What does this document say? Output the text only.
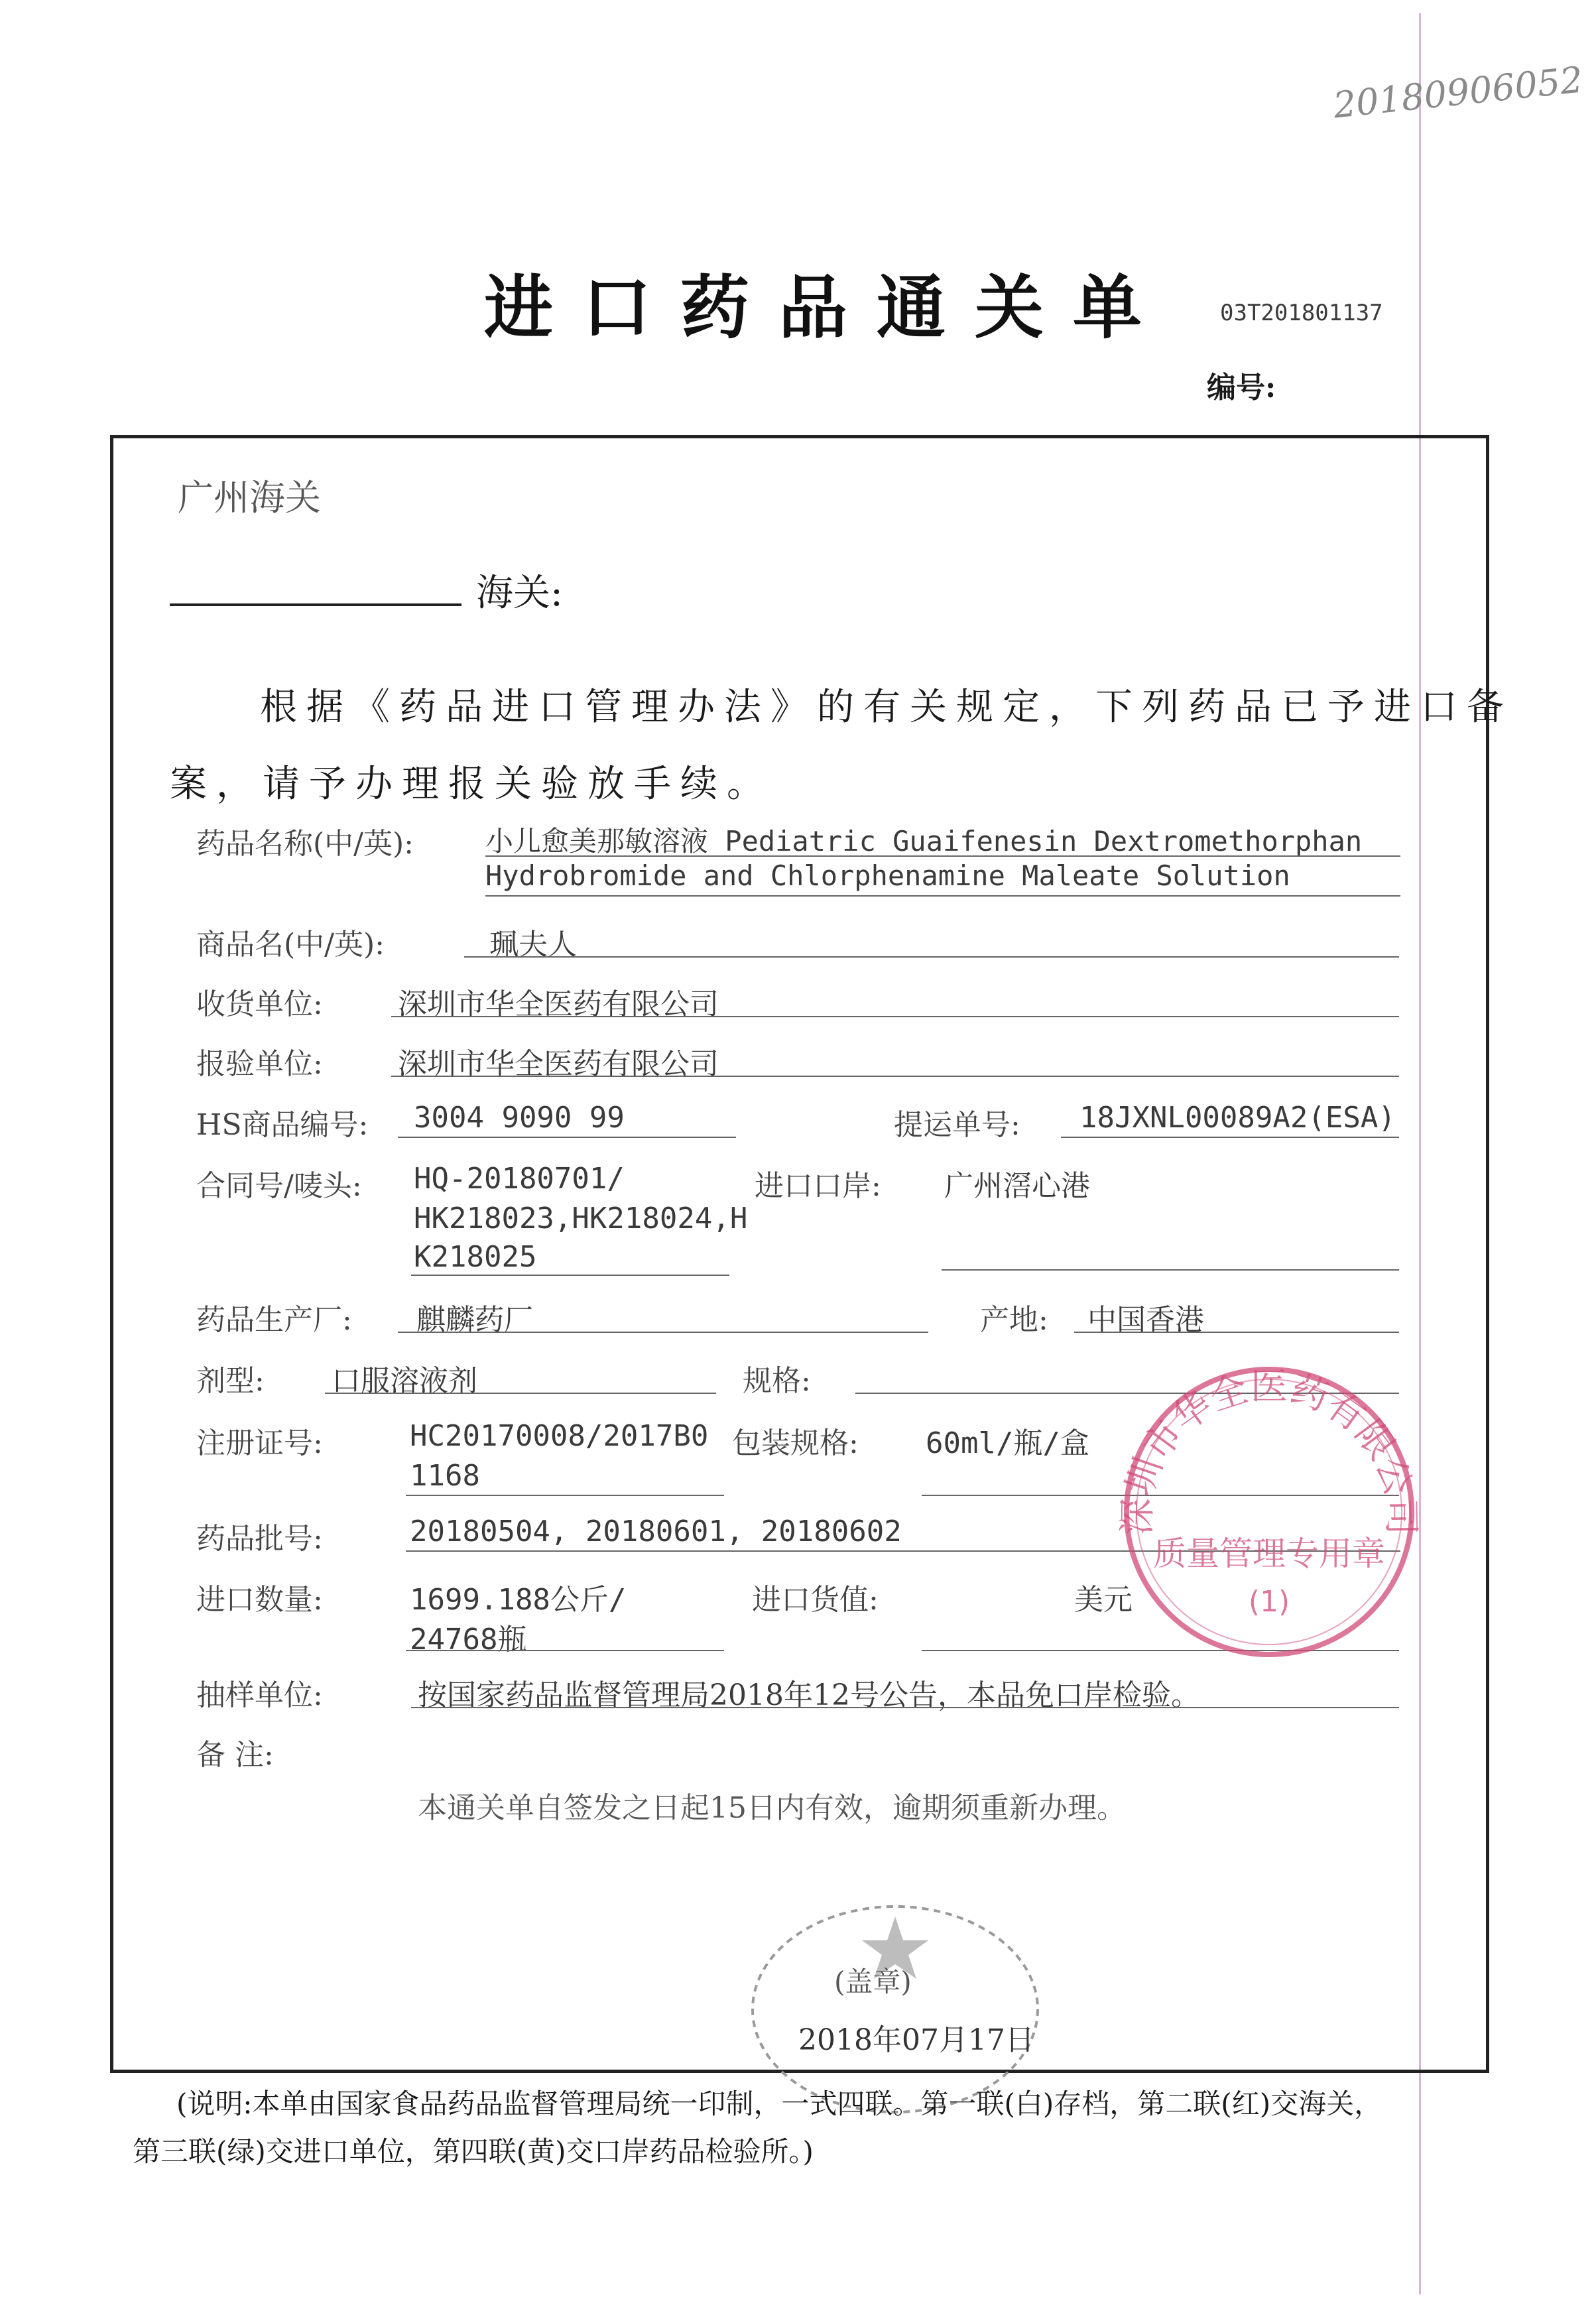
20180906052
进口药品通关单 03T201801137
编号:
广州海关
海关:
根据《药品进口管理办法》的有关规定，下列药品已予进口备
案，请予办理报关验放手续。
药品名称(中/英):	小儿愈美那敏溶液 Pediatric Guaifenesin Dextromethorphan
Hydrobromide and Chlorphenamine Maleate Solution
商品名(中/英):	珮夫人
收货单位:	深圳市华全医药有限公司
报验单位:	深圳市华全医药有限公司
HS商品编号: 3004 9090 99	提运单号: 18JXNL00089A2(ESA)
合同号/唛头: HQ-20180701/
HK218023,HK218024,H
K218025
进口口岸: 广州滘心港
药品生产厂: 麒麟药厂	产地: 中国香港
剂型: 口服溶液剂	规格:
注册证号:	HC20170008/2017B0
1168
包装规格: 60ml/瓶/盒
药品批号:	20180504, 20180601, 20180602
进口数量:	1699.188公斤/
24768瓶
进口货值:	美元
抽样单位:	按国家药品监督管理局2018年12号公告，本品免口岸检验。
备 注:
本通关单自签发之日起15日内有效，逾期须重新办理。
(盖章)
2018年07月17日
深圳市华全医药有限公司
质量管理专用章
(1)
(说明:本单由国家食品药品监督管理局统一印制，一式四联。第一联(白)存档，第二联(红)交海关，
第三联(绿)交进口单位，第四联(黄)交口岸药品检验所。)
